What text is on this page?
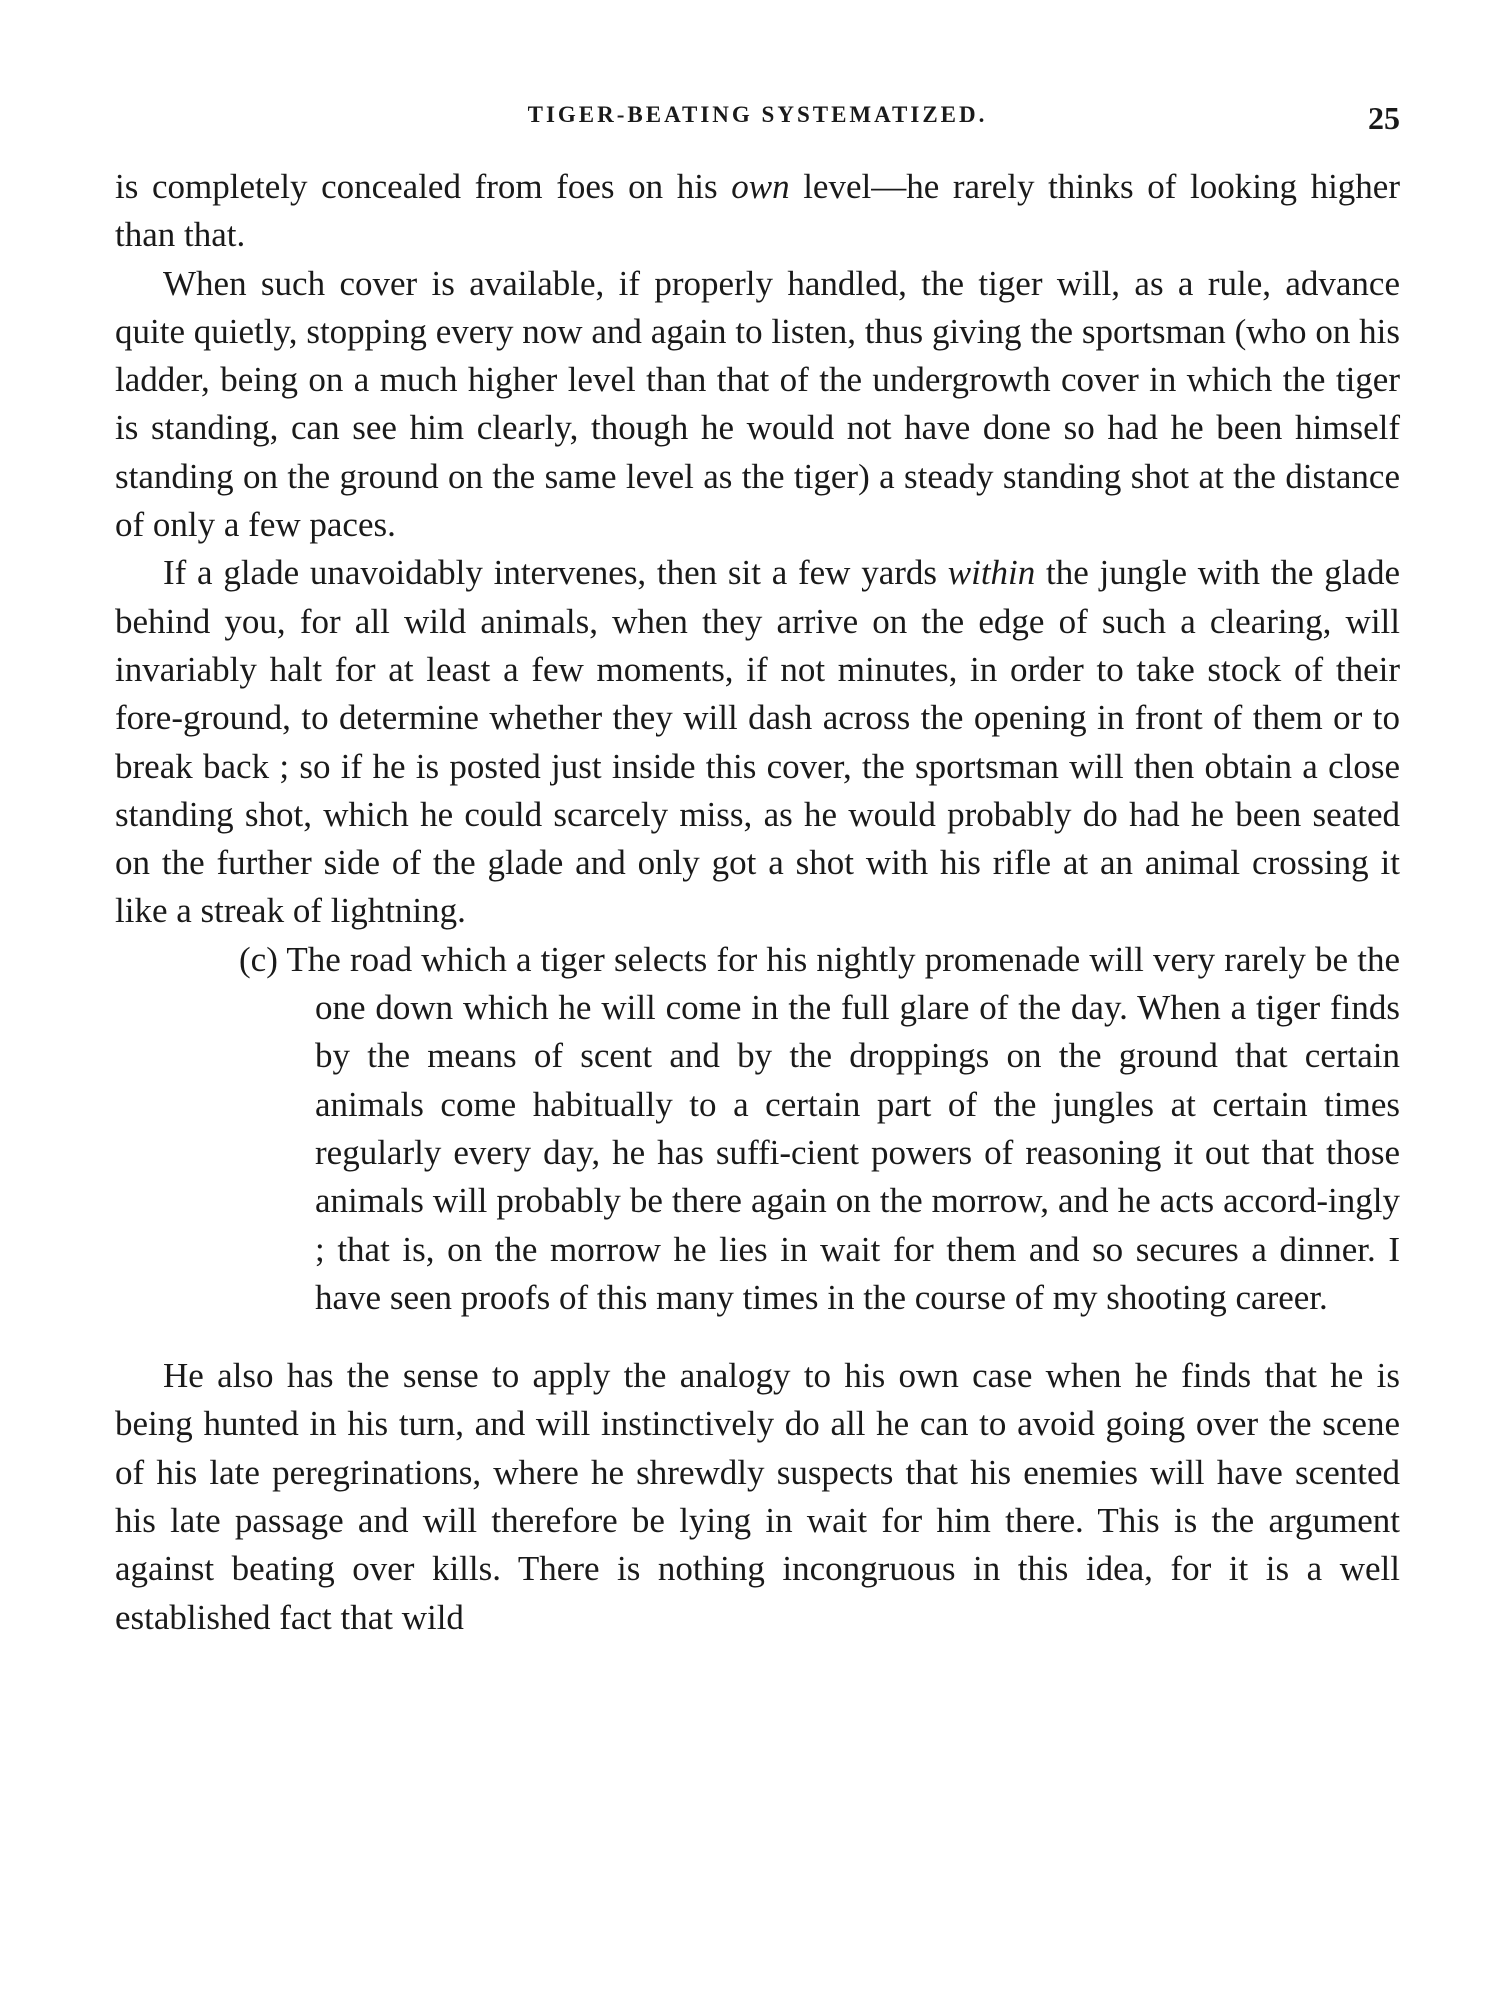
TIGER-BEATING SYSTEMATIZED.	25

is completely concealed from foes on his own level—he rarely thinks of looking higher than that.

When such cover is available, if properly handled, the tiger will, as a rule, advance quite quietly, stopping every now and again to listen, thus giving the sportsman (who on his ladder, being on a much higher level than that of the undergrowth cover in which the tiger is standing, can see him clearly, though he would not have done so had he been himself standing on the ground on the same level as the tiger) a steady standing shot at the distance of only a few paces.

If a glade unavoidably intervenes, then sit a few yards within the jungle with the glade behind you, for all wild animals, when they arrive on the edge of such a clearing, will invariably halt for at least a few moments, if not minutes, in order to take stock of their fore-ground, to determine whether they will dash across the opening in front of them or to break back ; so if he is posted just inside this cover, the sportsman will then obtain a close standing shot, which he could scarcely miss, as he would probably do had he been seated on the further side of the glade and only got a shot with his rifle at an animal crossing it like a streak of lightning.

(c) The road which a tiger selects for his nightly promenade will very rarely be the one down which he will come in the full glare of the day. When a tiger finds by the means of scent and by the droppings on the ground that certain animals come habitually to a certain part of the jungles at certain times regularly every day, he has suffi-cient powers of reasoning it out that those animals will probably be there again on the morrow, and he acts accord-ingly ; that is, on the morrow he lies in wait for them and so secures a dinner. I have seen proofs of this many times in the course of my shooting career.

He also has the sense to apply the analogy to his own case when he finds that he is being hunted in his turn, and will instinctively do all he can to avoid going over the scene of his late peregrinations, where he shrewdly suspects that his enemies will have scented his late passage and will therefore be lying in wait for him there. This is the argument against beating over kills. There is nothing incongruous in this idea, for it is a well established fact that wild
